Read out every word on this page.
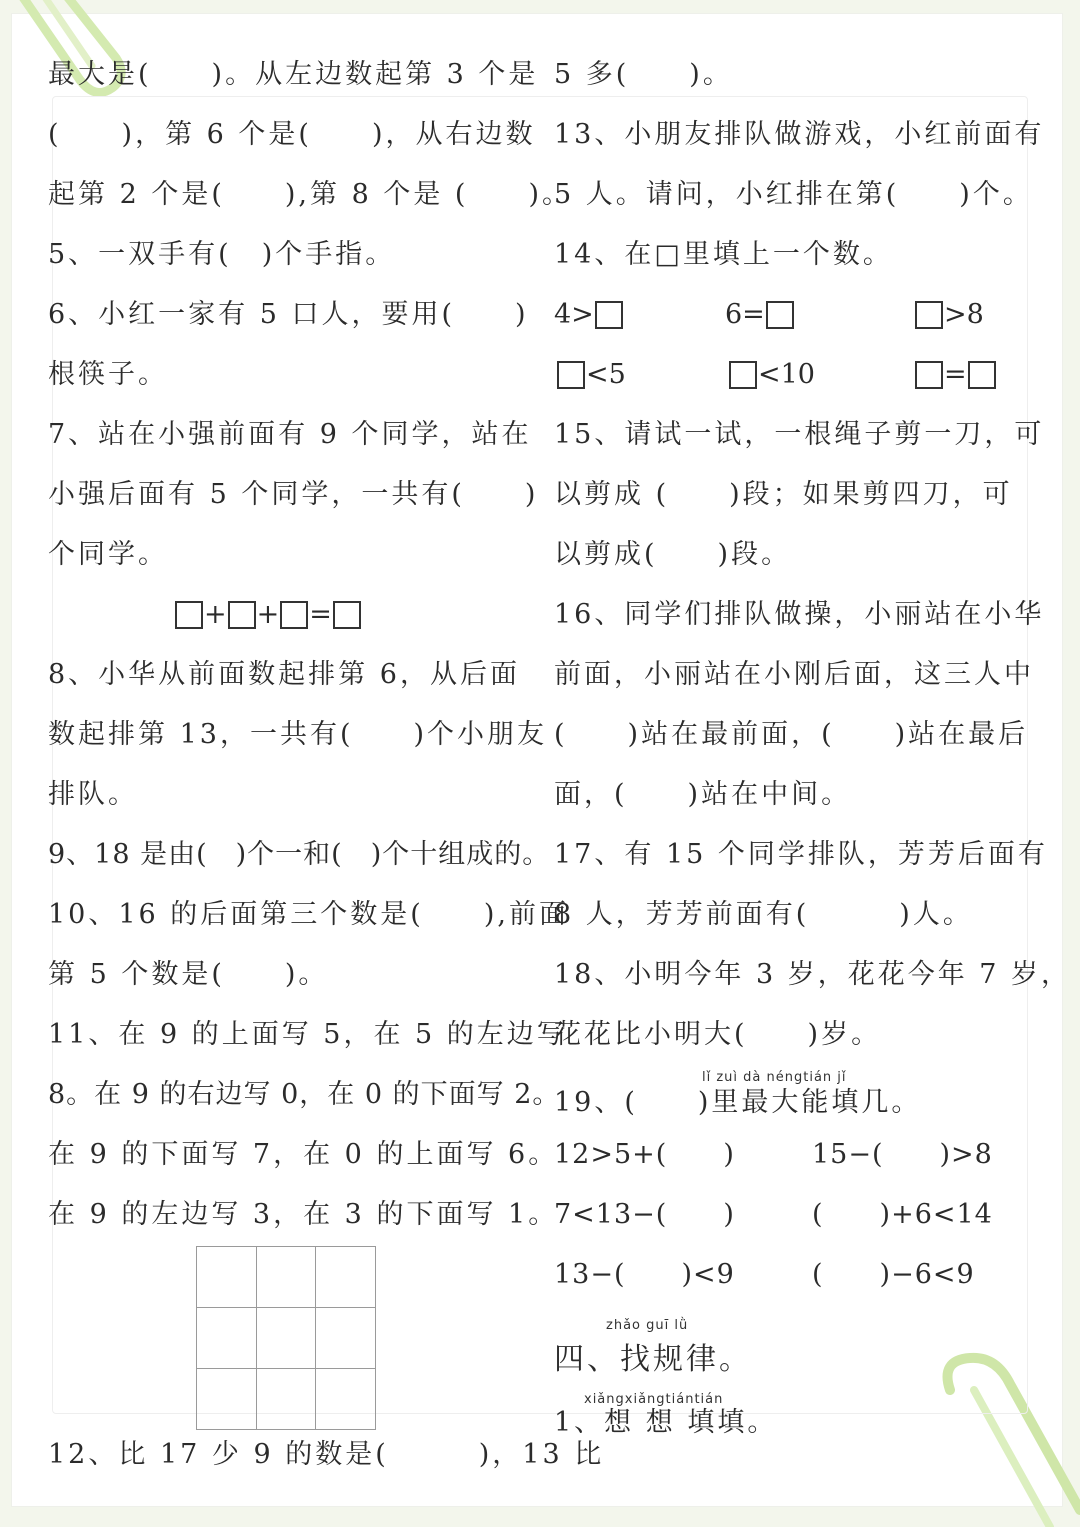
最大是(　　)。从左边数起第 3 个是
(　　)，第 6 个是(　　)，从右边数
起第 2 个是(　　),第 8 个是 (　　)。
5、一双手有(　)个手指。
6、小红一家有 5 口人，要用(　　)
根筷子。
7、站在小强前面有 9 个同学，站在
小强后面有 5 个同学，一共有(　　)
个同学。
+ + =
8、小华从前面数起排第 6，从后面
数起排第 13，一共有(　　)个小朋友
排队。
9、18 是由(　)个一和(　)个十组成的。
10、16 的后面第三个数是(　　),前面
第 5 个数是(　　)。
11、在 9 的上面写 5，在 5 的左边写
8。在 9 的右边写 0，在 0 的下面写 2。
在 9 的下面写 7，在 0 的上面写 6。
在 9 的左边写 3，在 3 的下面写 1。

12、比 17 少 9 的数是(　　　)，13 比
5 多(　　)。
13、小朋友排队做游戏，小红前面有
5 人。请问，小红排在第(　　)个。
14、在□里填上一个数。
4>	6=	>8
<5	<10	=
15、请试一试，一根绳子剪一刀，可
以剪成 (　　)段；如果剪四刀，可
以剪成(　　)段。
16、同学们排队做操，小丽站在小华
前面，小丽站在小刚后面，这三人中
(　　)站在最前面，(　　)站在最后
面，(　　)站在中间。
17、有 15 个同学排队，芳芳后面有
8 人，芳芳前面有(　　　)人。
18、小明今年 3 岁，花花今年 7 岁，
花花比小明大(　　)岁。
lǐ zuì dà néngtián jǐ
19、(　　)里最大能填几。
12>5+(　　)	15−(　　)>8
7<13−(　　)	(　　)+6<14
13−(　　)<9	(　　)−6<9
zhǎo guī lǜ
四、找规律。
xiǎngxiǎngtiántián
1、想 想 填填。
